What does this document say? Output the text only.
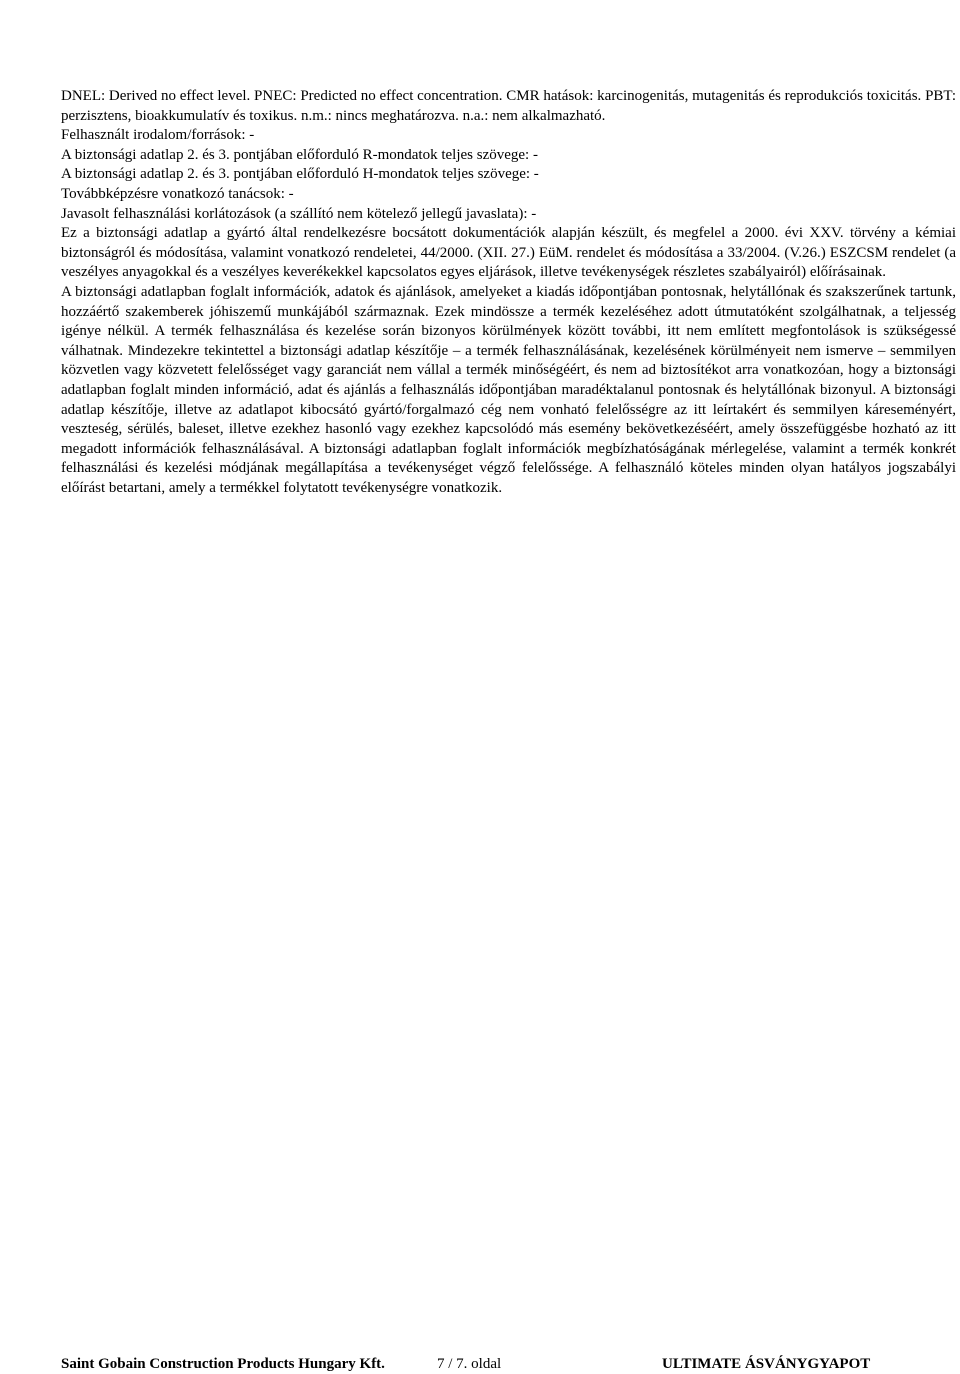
Elkészítés időpontja: 2011. február 14.
Felülvizsgálat időpontja: -
Verziószám: 1
http://www.biztonsagiadatlap.hu

DNEL: Derived no effect level. PNEC: Predicted no effect concentration. CMR hatások: karcinogenitás, mutagenitás és reprodukciós toxicitás. PBT: perzisztens, bioakkumulatív és toxikus. n.m.: nincs meghatározva. n.a.: nem alkalmazható.

Felhasznált irodalom/források: -

A biztonsági adatlap 2. és 3. pontjában előforduló R-mondatok teljes szövege: -

A biztonsági adatlap 2. és 3. pontjában előforduló H-mondatok teljes szövege: -

Továbbképzésre vonatkozó tanácsok: -

Javasolt felhasználási korlátozások (a szállító nem kötelező jellegű javaslata): -

Ez a biztonsági adatlap a gyártó által rendelkezésre bocsátott dokumentációk alapján készült, és megfelel a 2000. évi XXV. törvény a kémiai biztonságról és módosítása, valamint vonatkozó rendeletei, 44/2000. (XII. 27.) EüM. rendelet és módosítása a 33/2004. (V.26.) ESZCSM rendelet (a veszélyes anyagokkal és a veszélyes keverékekkel kapcsolatos egyes eljárások, illetve tevékenységek részletes szabályairól) előírásainak.

A biztonsági adatlapban foglalt információk, adatok és ajánlások, amelyeket a kiadás időpontjában pontosnak, helytállónak és szakszerűnek tartunk, hozzáértő szakemberek jóhiszemű munkájából származnak. Ezek mindössze a termék kezeléséhez adott útmutatóként szolgálhatnak, a teljesség igénye nélkül. A termék felhasználása és kezelése során bizonyos körülmények között további, itt nem említett megfontolások is szükségessé válhatnak. Mindezekre tekintettel a biztonsági adatlap készítője – a termék felhasználásának, kezelésének körülményeit nem ismerve – semmilyen közvetlen vagy közvetett felelősséget vagy garanciát nem vállal a termék minőségéért, és nem ad biztosítékot arra vonatkozóan, hogy a biztonsági adatlapban foglalt minden információ, adat és ajánlás a felhasználás időpontjában maradéktalanul pontosnak és helytállónak bizonyul. A biztonsági adatlap készítője, illetve az adatlapot kibocsátó gyártó/forgalmazó cég nem vonható felelősségre az itt leírtakért és semmilyen káreseményért, veszteség, sérülés, baleset, illetve ezekhez hasonló vagy ezekhez kapcsolódó más esemény bekövetkezéséért, amely összefüggésbe hozható az itt megadott információk felhasználásával. A biztonsági adatlapban foglalt információk megbízhatóságának mérlegelése, valamint a termék konkrét felhasználási és kezelési módjának megállapítása a tevékenységet végző felelőssége. A felhasználó köteles minden olyan hatályos jogszabályi előírást betartani, amely a termékkel folytatott tevékenységre vonatkozik.

Saint Gobain Construction Products Hungary Kft.	7 / 7. oldal	ULTIMATE ÁSVÁNYGYAPOT
